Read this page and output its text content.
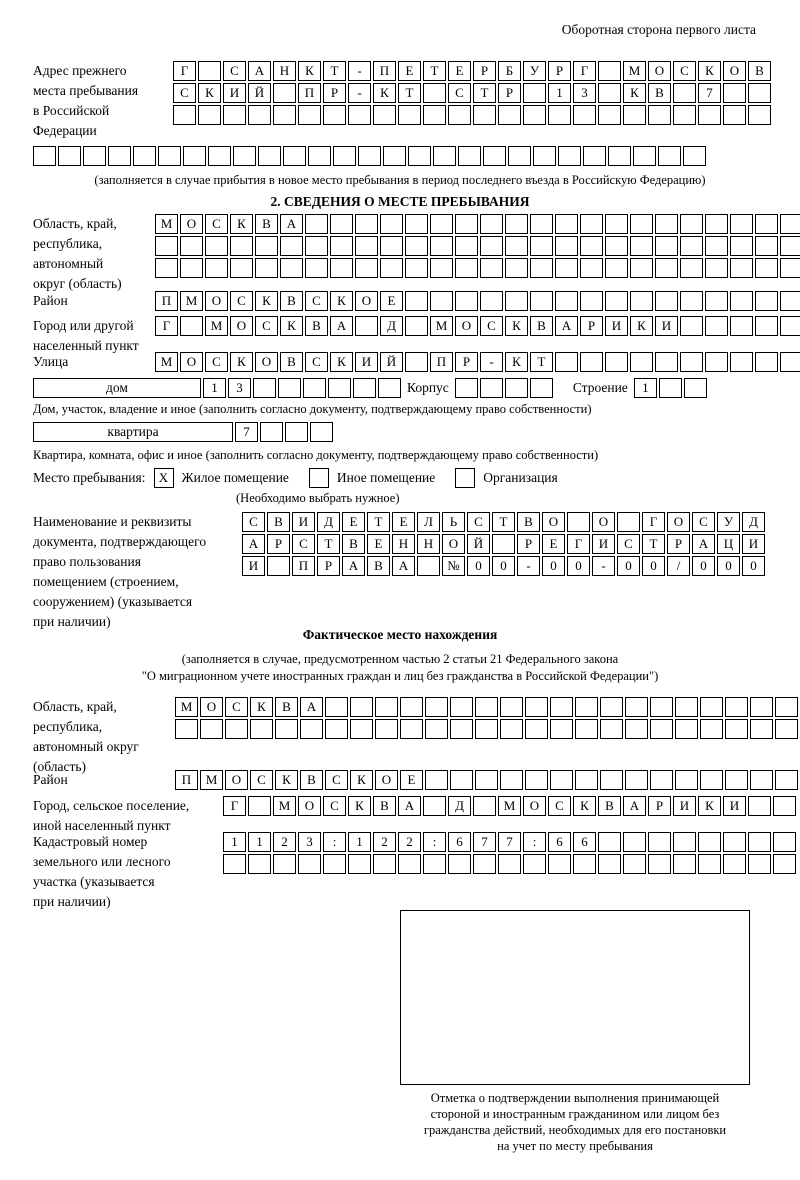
Оборотная сторона первого листа
Адрес прежнего
места пребывания
в Российской
Федерации
Г	С	А	Н	К	Т	-	П	Е	Т	Е	Р	Б	У	Р	Г	М	О	С	К	О	В
С	К	И	Й	П	Р	-	К	Т	С	Т	Р	1	3	К	В	7
(заполняется в случае прибытия в новое место пребывания в период последнего въезда в Российскую Федерацию)
2. СВЕДЕНИЯ О МЕСТЕ ПРЕБЫВАНИЯ
Область, край,
республика,
автономный
округ (область)
М	О	С	К	В	А
Район	П	М	О	С	К	В	С	К	О	Е
Город или другой
населенный пункт
Г	М	О	С	К	В	А	Д	М	О	С	К	В	А	Р	И	К	И
Улица	М	О	С	К	О	В	С	К	И	Й	П	Р	-	К	Т
дом	1	3	Корпус	Строение	1
Дом, участок, владение и иное (заполнить согласно документу, подтверждающему право собственности)
квартира	7
Квартира, комната, офис и иное (заполнить согласно документу, подтверждающему право собственности)
Место пребывания:	Х Жилое помещение	Иное помещение	Организация
(Необходимо выбрать нужное)
Наименование и реквизиты
документа, подтверждающего
право пользования
помещением (строением,
сооружением) (указывается
при наличии)
С	В	И	Д	Е	Т	Е	Л	Ь	С	Т	В	О	О	Г	О	С	У	Д
А	Р	С	Т	В	Е	Н	Н	О	Й	Р	Е	Г	И	С	Т	Р	А	Ц	И
И	П	Р	А	В	А	№	0	0	-	0	0	-	0	0	/	0	0	0
Фактическое место нахождения
(заполняется в случае, предусмотренном частью 2 статьи 21 Федерального закона
"О миграционном учете иностранных граждан и лиц без гражданства в Российской Федерации")
Область, край,
республика,
автономный округ
(область)
М	О	С	К	В	А
Район	П	М	О	С	К	В	С	К	О	Е
Город, сельское поселение,
иной населенный пункт
Г	М	О	С	К	В	А	Д	М	О	С	К	В	А	Р	И	К	И
Кадастровый номер
земельного или лесного
участка (указывается
при наличии)
1	1	2	3	:	1	2	2	:	6	7	7	:	6	6
Отметка о подтверждении выполнения принимающей
стороной и иностранным гражданином или лицом без
гражданства действий, необходимых для его постановки
на учет по месту пребывания
